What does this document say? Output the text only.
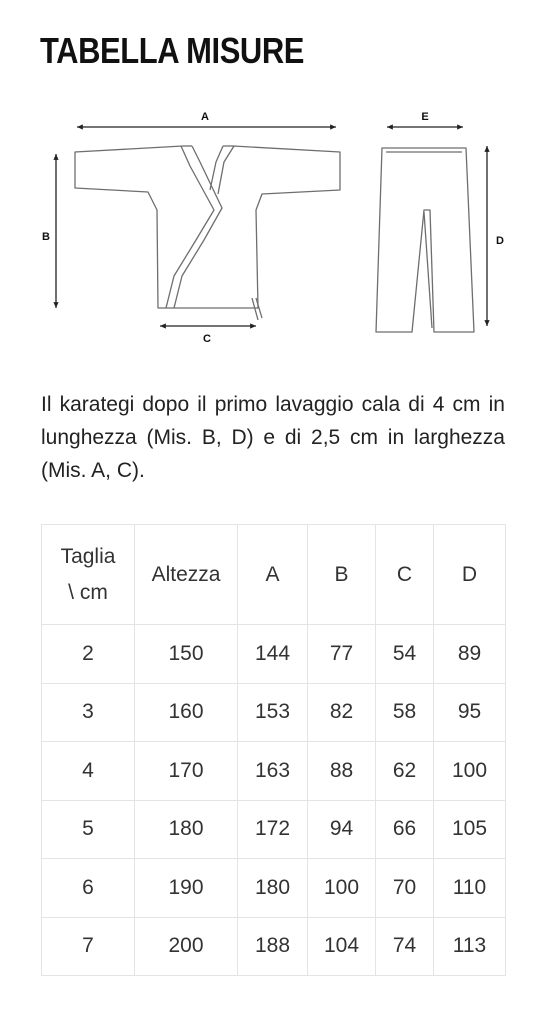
TABELLA MISURE
A
B
C
D
E

Il karategi dopo il primo lavaggio cala di 4 cm in lunghezza (Mis. B, D) e di 2,5 cm in larghezza (Mis. A, C).

Taglia
\ cm	Altezza	A	B	C	D
2	150	144	77	54	89
3	160	153	82	58	95
4	170	163	88	62	100
5	180	172	94	66	105
6	190	180	100	70	110
7	200	188	104	74	113
